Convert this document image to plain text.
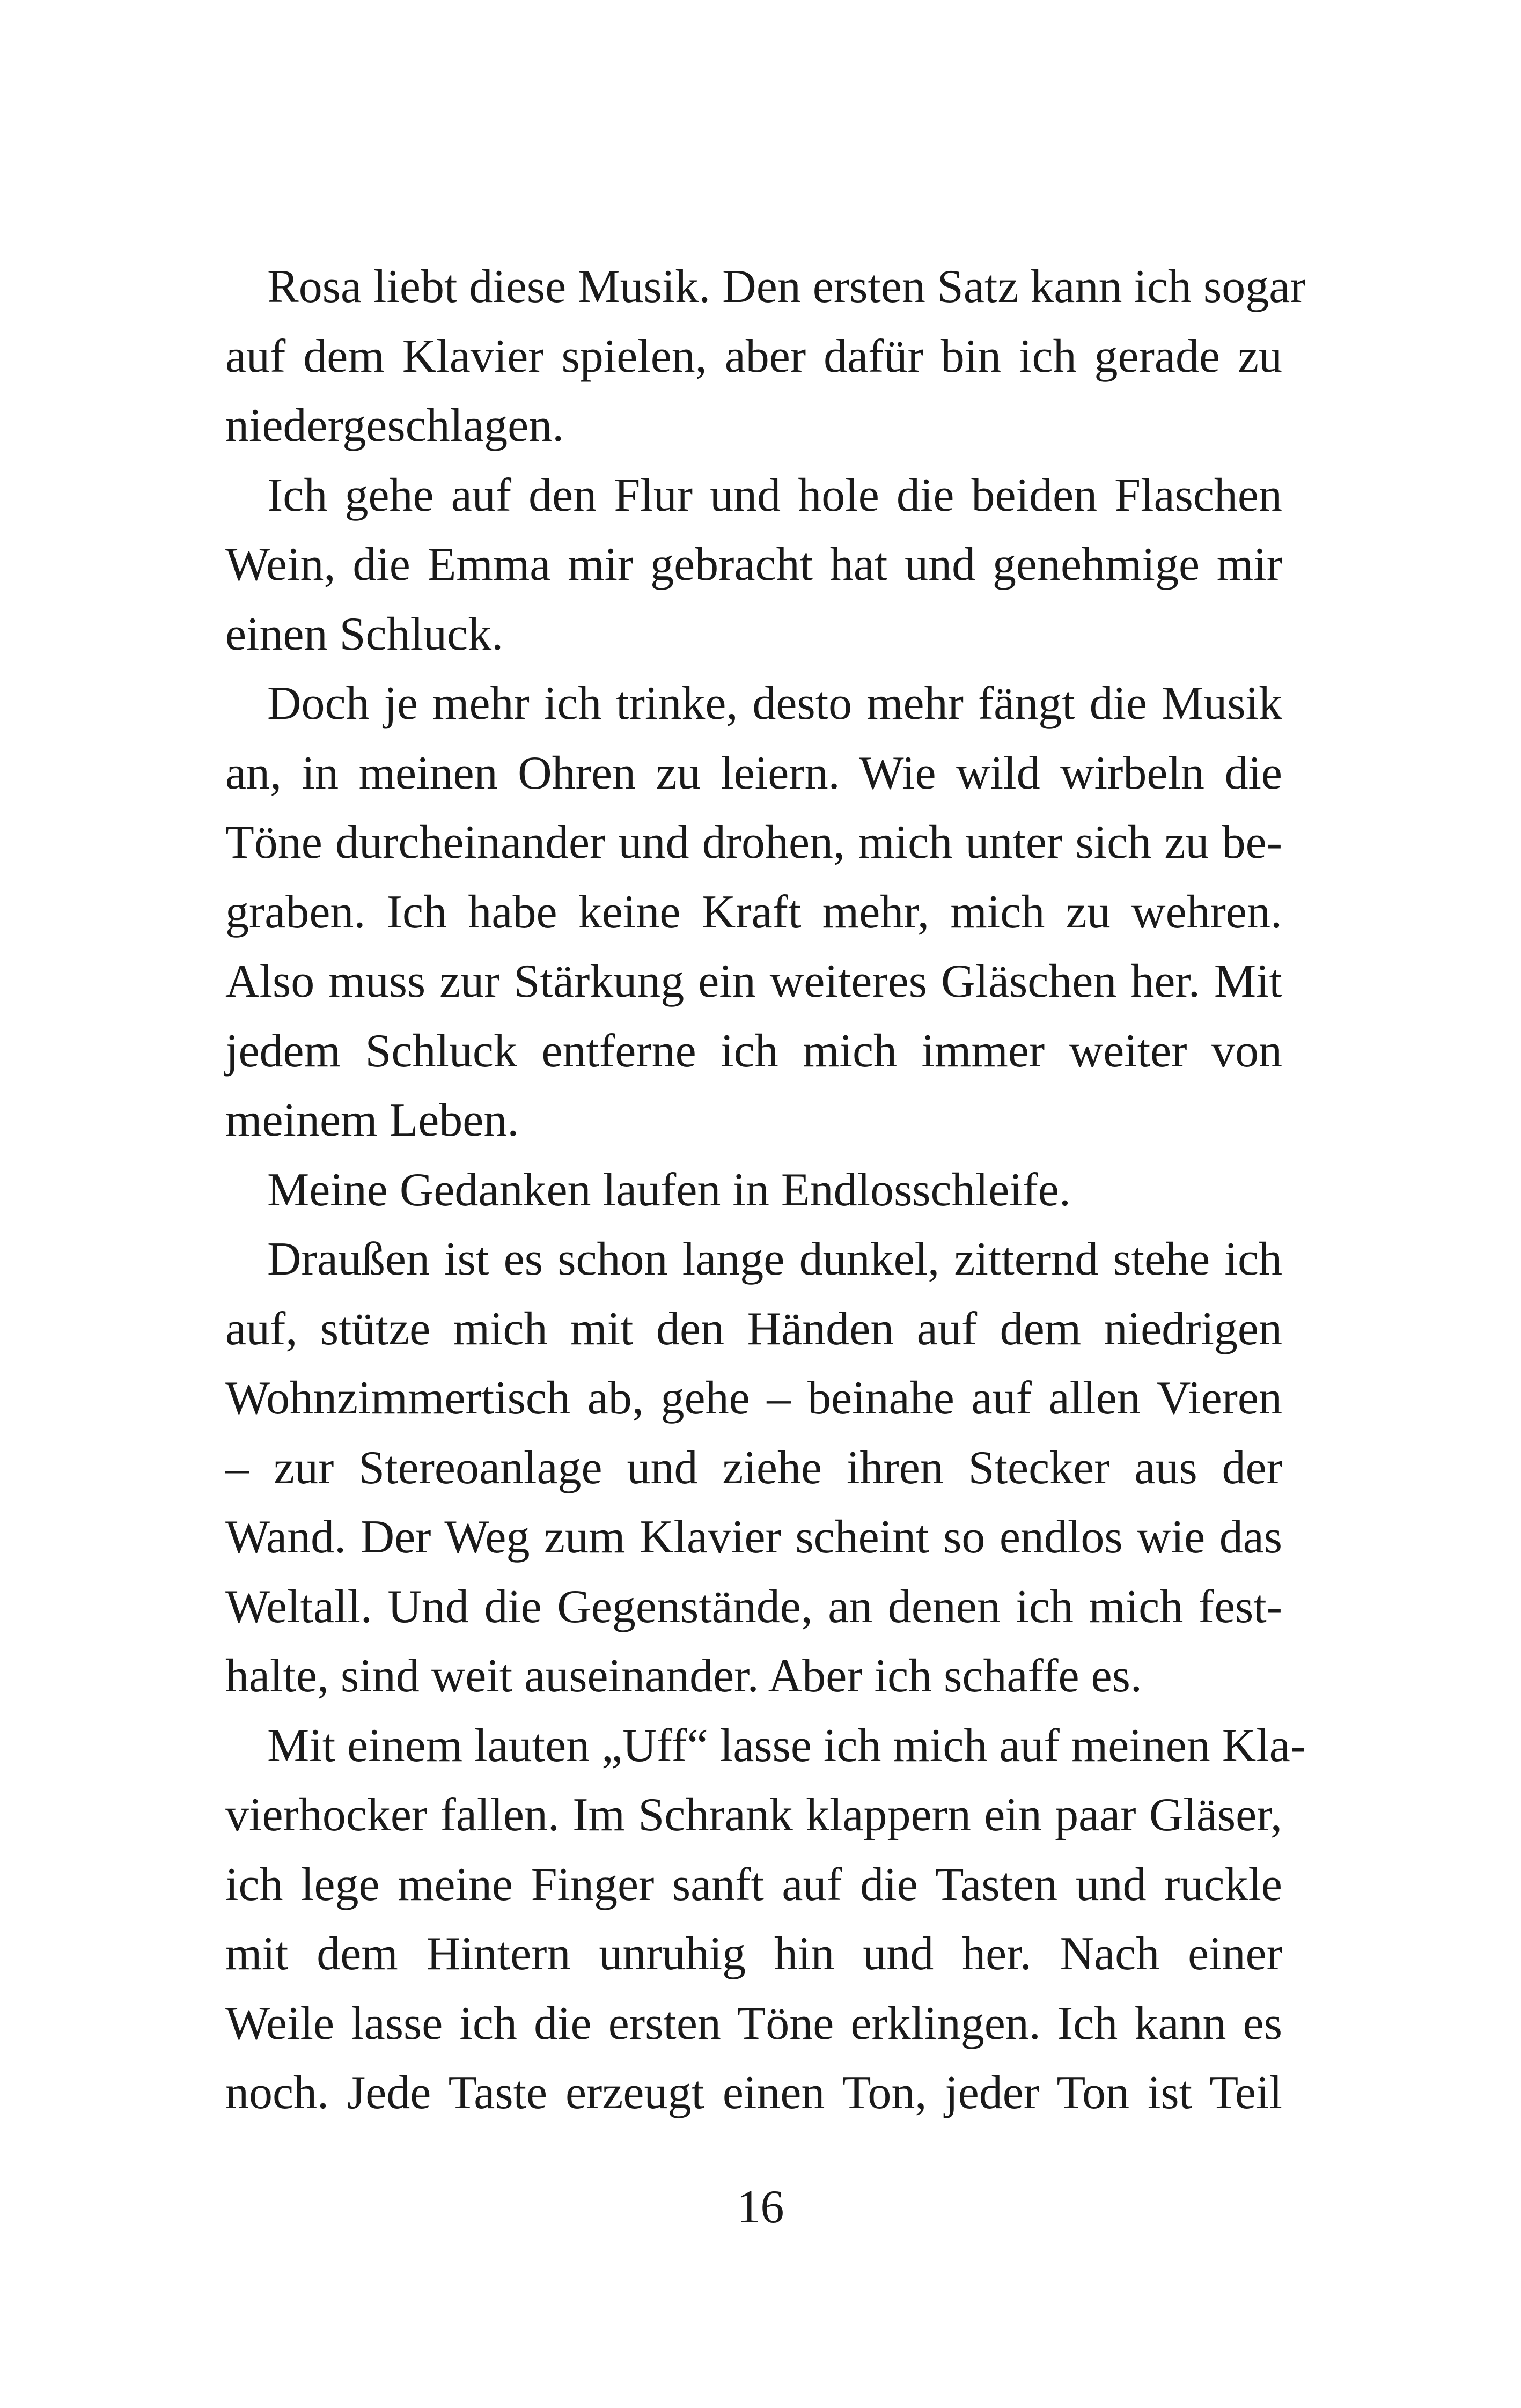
Rosa liebt diese Musik. Den ersten Satz kann ich sogar
auf dem Klavier spielen, aber dafür bin ich gerade zu
niedergeschlagen.

Ich gehe auf den Flur und hole die beiden Flaschen
Wein, die Emma mir gebracht hat und genehmige mir
einen Schluck.

Doch je mehr ich trinke, desto mehr fängt die Musik
an, in meinen Ohren zu leiern. Wie wild wirbeln die
Töne durcheinander und drohen, mich unter sich zu be-
graben. Ich habe keine Kraft mehr, mich zu wehren.
Also muss zur Stärkung ein weiteres Gläschen her. Mit
jedem Schluck entferne ich mich immer weiter von
meinem Leben.

Meine Gedanken laufen in Endlosschleife.

Draußen ist es schon lange dunkel, zitternd stehe ich
auf, stütze mich mit den Händen auf dem niedrigen
Wohnzimmertisch ab, gehe – beinahe auf allen Vieren
– zur Stereoanlage und ziehe ihren Stecker aus der
Wand. Der Weg zum Klavier scheint so endlos wie das
Weltall. Und die Gegenstände, an denen ich mich fest-
halte, sind weit auseinander. Aber ich schaffe es.

Mit einem lauten „Uff“ lasse ich mich auf meinen Kla-
vierhocker fallen. Im Schrank klappern ein paar Gläser,
ich lege meine Finger sanft auf die Tasten und ruckle
mit dem Hintern unruhig hin und her. Nach einer
Weile lasse ich die ersten Töne erklingen. Ich kann es
noch. Jede Taste erzeugt einen Ton, jeder Ton ist Teil

16
